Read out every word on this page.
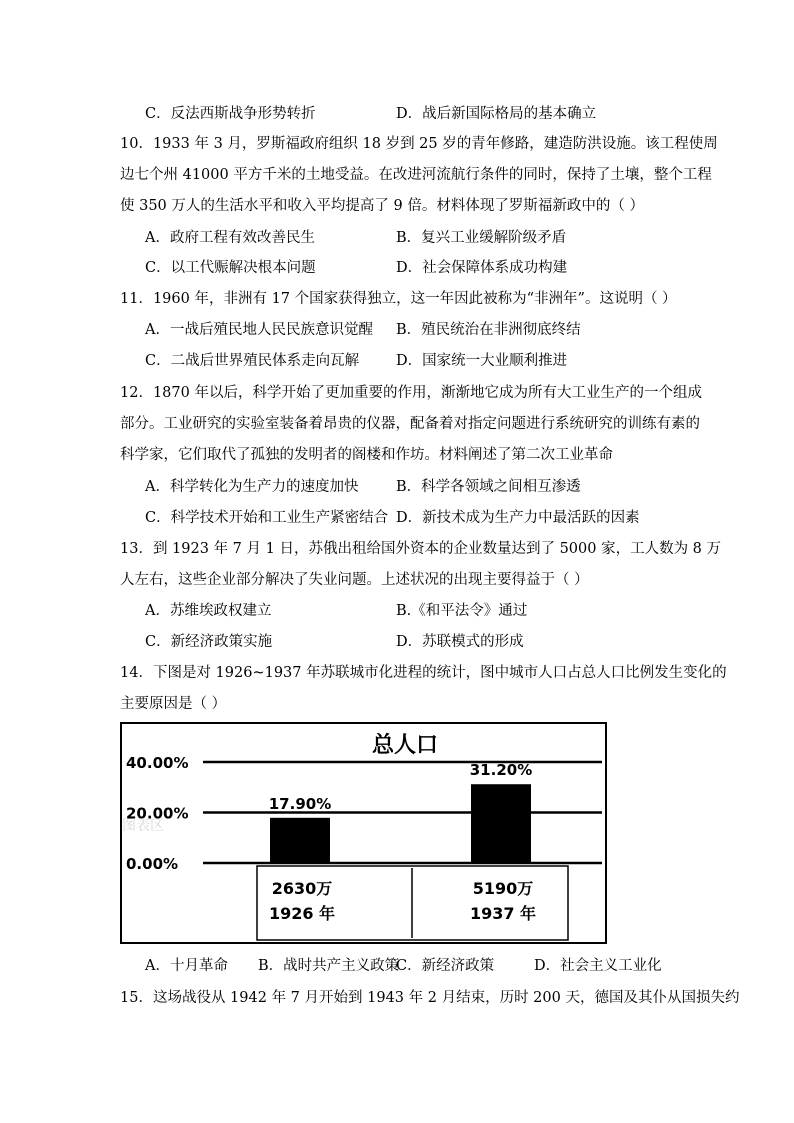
C．反法西斯战争形势转折	D．战后新国际格局的基本确立
10．1933 年 3 月，罗斯福政府组织 18 岁到 25 岁的青年修路，建造防洪设施。该工程使周
边七个州 41000 平方千米的土地受益。在改进河流航行条件的同时，保持了土壤，整个工程
使 350 万人的生活水平和收入平均提高了 9 倍。材料体现了罗斯福新政中的（ ）
A．政府工程有效改善民生	B．复兴工业缓解阶级矛盾
C．以工代赈解决根本问题	D．社会保障体系成功构建
11．1960 年，非洲有 17 个国家获得独立，这一年因此被称为“非洲年”。这说明（ ）
A．一战后殖民地人民民族意识觉醒 B．殖民统治在非洲彻底终结
C．二战后世界殖民体系走向瓦解	D．国家统一大业顺利推进
12．1870 年以后，科学开始了更加重要的作用，渐渐地它成为所有大工业生产的一个组成
部分。工业研究的实验室装备着昂贵的仪器，配备着对指定问题进行系统研究的训练有素的
科学家，它们取代了孤独的发明者的阁楼和作坊。材料阐述了第二次工业革命
A．科学转化为生产力的速度加快	B．科学各领域之间相互渗透
C．科学技术开始和工业生产紧密结合 D．新技术成为生产力中最活跃的因素
13．到 1923 年 7 月 1 日，苏俄出租给国外资本的企业数量达到了 5000 家，工人数为 8 万
人左右，这些企业部分解决了失业问题。上述状况的出现主要得益于（ ）
A．苏维埃政权建立	B.《和平法令》通过
C．新经济政策实施	D．苏联模式的形成
14．下图是对 1926~1937 年苏联城市化进程的统计，图中城市人口占总人口比例发生变化的
主要原因是（ ）
0.00%
20.00%
40.00%
图表区
总人口
17.90%
31.20%
2630万
1926 年
5190万
1937 年
A．十月革命 B．战时共产主义政策
C．新经济政策	D．社会主义工业化
15．这场战役从 1942 年 7 月开始到 1943 年 2 月结束，历时 200 天，德国及其仆从国损失约
